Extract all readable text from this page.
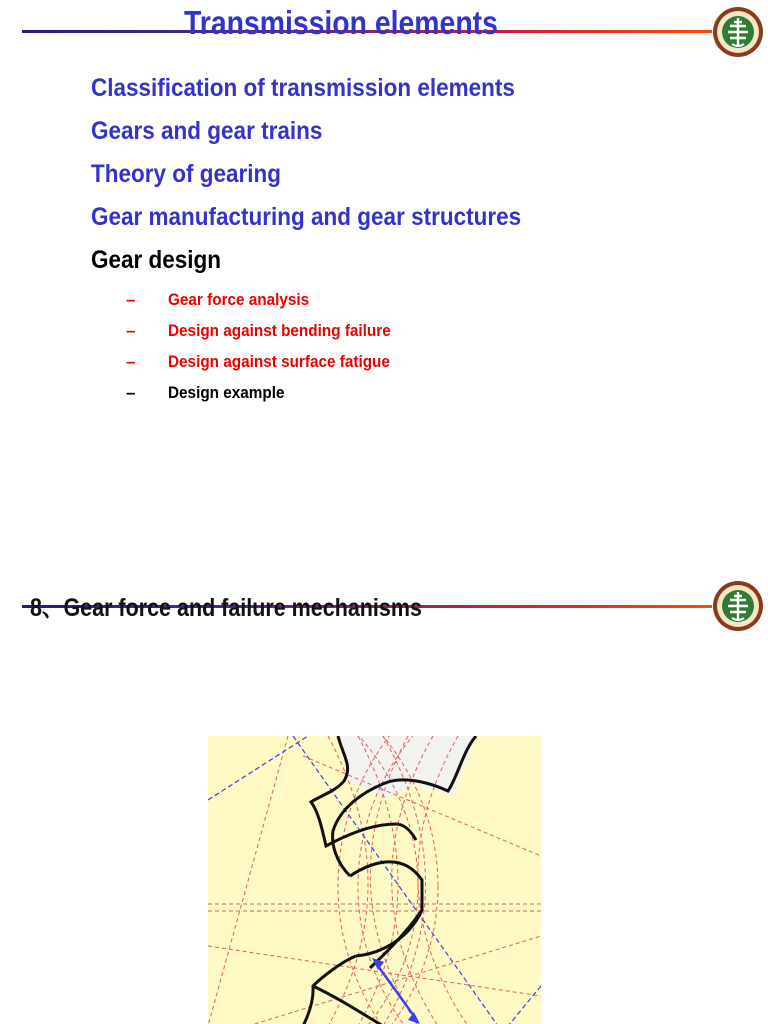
Transmission elements
Classification of transmission elements
Gears and gear trains
Theory of gearing
Gear manufacturing and gear structures
Gear design
– Gear force analysis
– Design against bending failure
– Design against surface fatigue
– Design example
8、Gear force and failure mechanisms
